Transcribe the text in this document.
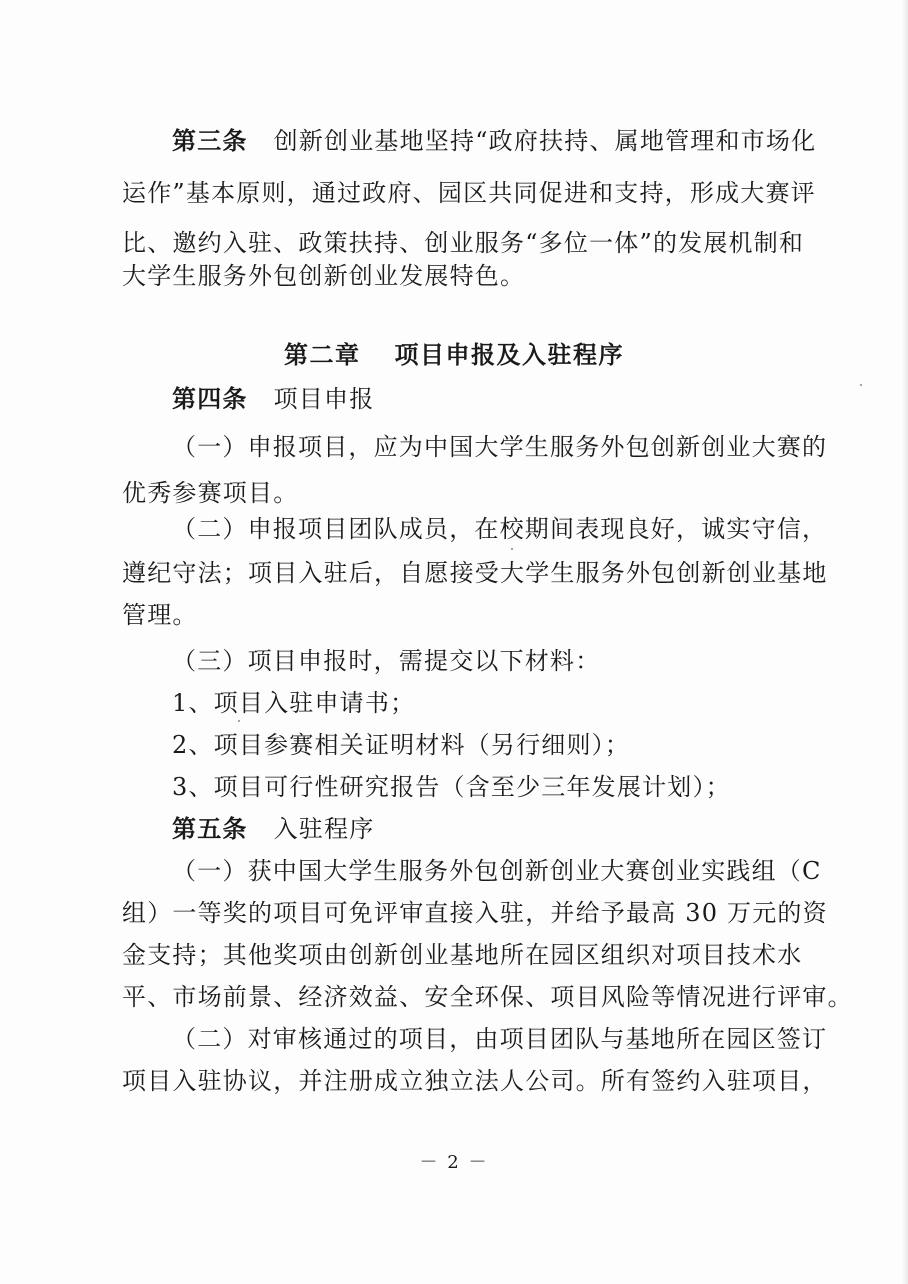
第三条 创新创业基地坚持“政府扶持、属地管理和市场化
运作”基本原则，通过政府、园区共同促进和支持，形成大赛评
比、邀约入驻、政策扶持、创业服务“多位一体”的发展机制和
大学生服务外包创新创业发展特色。
第二章 项目申报及入驻程序
第四条 项目申报
（一）申报项目，应为中国大学生服务外包创新创业大赛的
优秀参赛项目。
（二）申报项目团队成员，在校期间表现良好，诚实守信，
遵纪守法；项目入驻后，自愿接受大学生服务外包创新创业基地
管理。
（三）项目申报时，需提交以下材料：
1、项目入驻申请书；
2、项目参赛相关证明材料（另行细则）；
3、项目可行性研究报告（含至少三年发展计划）；
第五条 入驻程序
（一）获中国大学生服务外包创新创业大赛创业实践组（C
组）一等奖的项目可免评审直接入驻，并给予最高 30 万元的资
金支持；其他奖项由创新创业基地所在园区组织对项目技术水
平、市场前景、经济效益、安全环保、项目风险等情况进行评审。
（二）对审核通过的项目，由项目团队与基地所在园区签订
项目入驻协议，并注册成立独立法人公司。所有签约入驻项目，
－ 2 －
